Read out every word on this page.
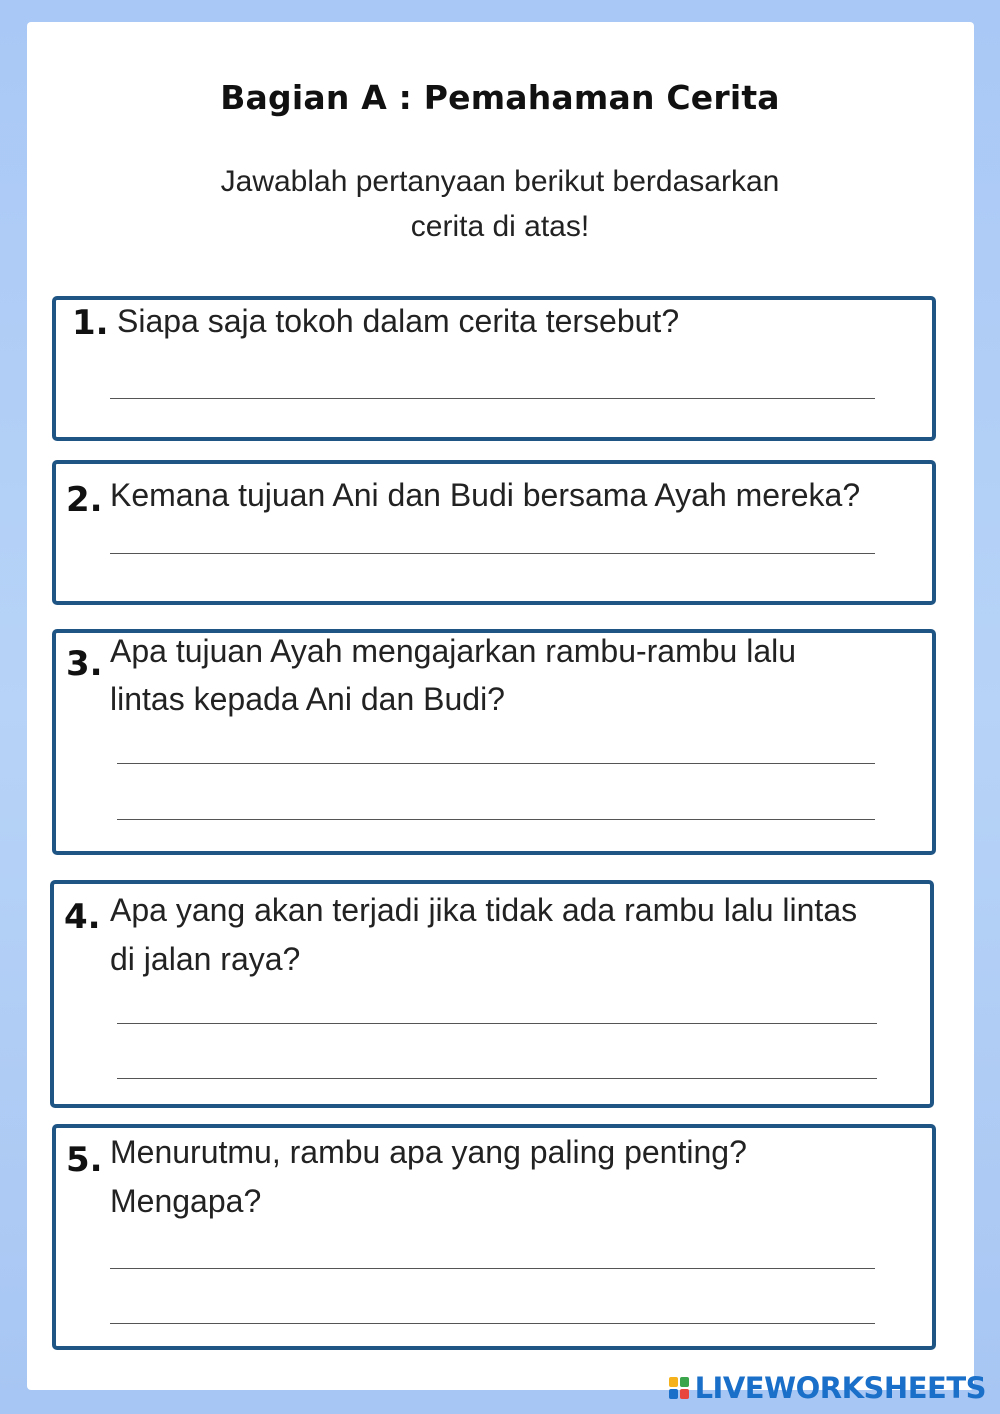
Bagian A : Pemahaman Cerita
Jawablah pertanyaan berikut berdasarkan
cerita di atas!
1. Siapa saja tokoh dalam cerita tersebut?
2. Kemana tujuan Ani dan Budi bersama Ayah mereka?
3. Apa tujuan Ayah mengajarkan rambu-rambu lalu
lintas kepada Ani dan Budi?
4. Apa yang akan terjadi jika tidak ada rambu lalu lintas
di jalan raya?
5. Menurutmu, rambu apa yang paling penting?
Mengapa?
LIVEWORKSHEETS
